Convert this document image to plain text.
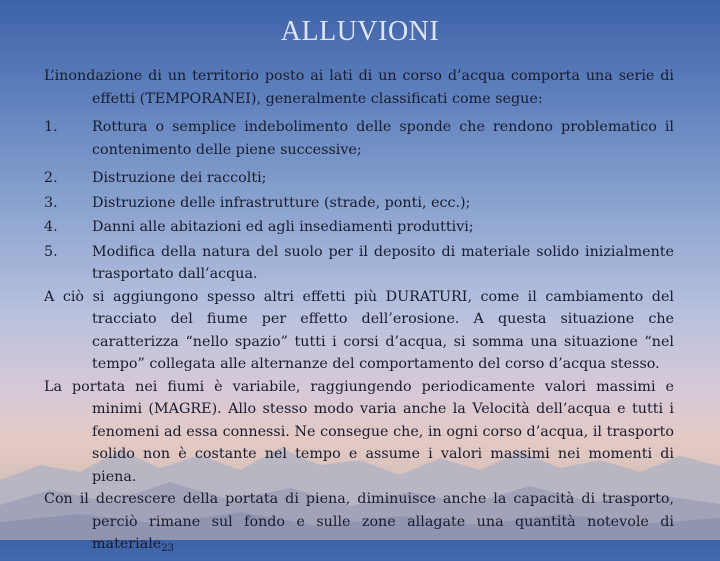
ALLUVIONI

L’inondazione di un territorio posto ai lati di un corso d’acqua comporta una serie di effetti (TEMPORANEI), generalmente classificati come segue:

1.	Rottura o semplice indebolimento delle sponde che rendono problematico il contenimento delle piene successive;
2.	Distruzione dei raccolti;
3.	Distruzione delle infrastrutture (strade, ponti, ecc.);
4.	Danni alle abitazioni ed agli insediamenti produttivi;
5.	Modifica della natura del suolo per il deposito di materiale solido inizialmente trasportato dall’acqua.

A ciò si aggiungono spesso altri effetti più DURATURI, come il cambiamento del tracciato del fiume per effetto dell’erosione. A questa situazione che caratterizza “nello spazio” tutti i corsi d’acqua, si somma una situazione “nel tempo” collegata alle alternanze del comportamento del corso d’acqua stesso.

La portata nei fiumi è variabile, raggiungendo periodicamente valori massimi e minimi (MAGRE). Allo stesso modo varia anche la Velocità dell’acqua e tutti i fenomeni ad essa connessi. Ne consegue che, in ogni corso d’acqua, il trasporto solido non è costante nel tempo e assume i valori massimi nei momenti di piena.

Con il decrescere della portata di piena, diminuisce anche la capacità di trasporto, perciò rimane sul fondo e sulle zone allagate una quantità notevole di materiale$_{23}$
